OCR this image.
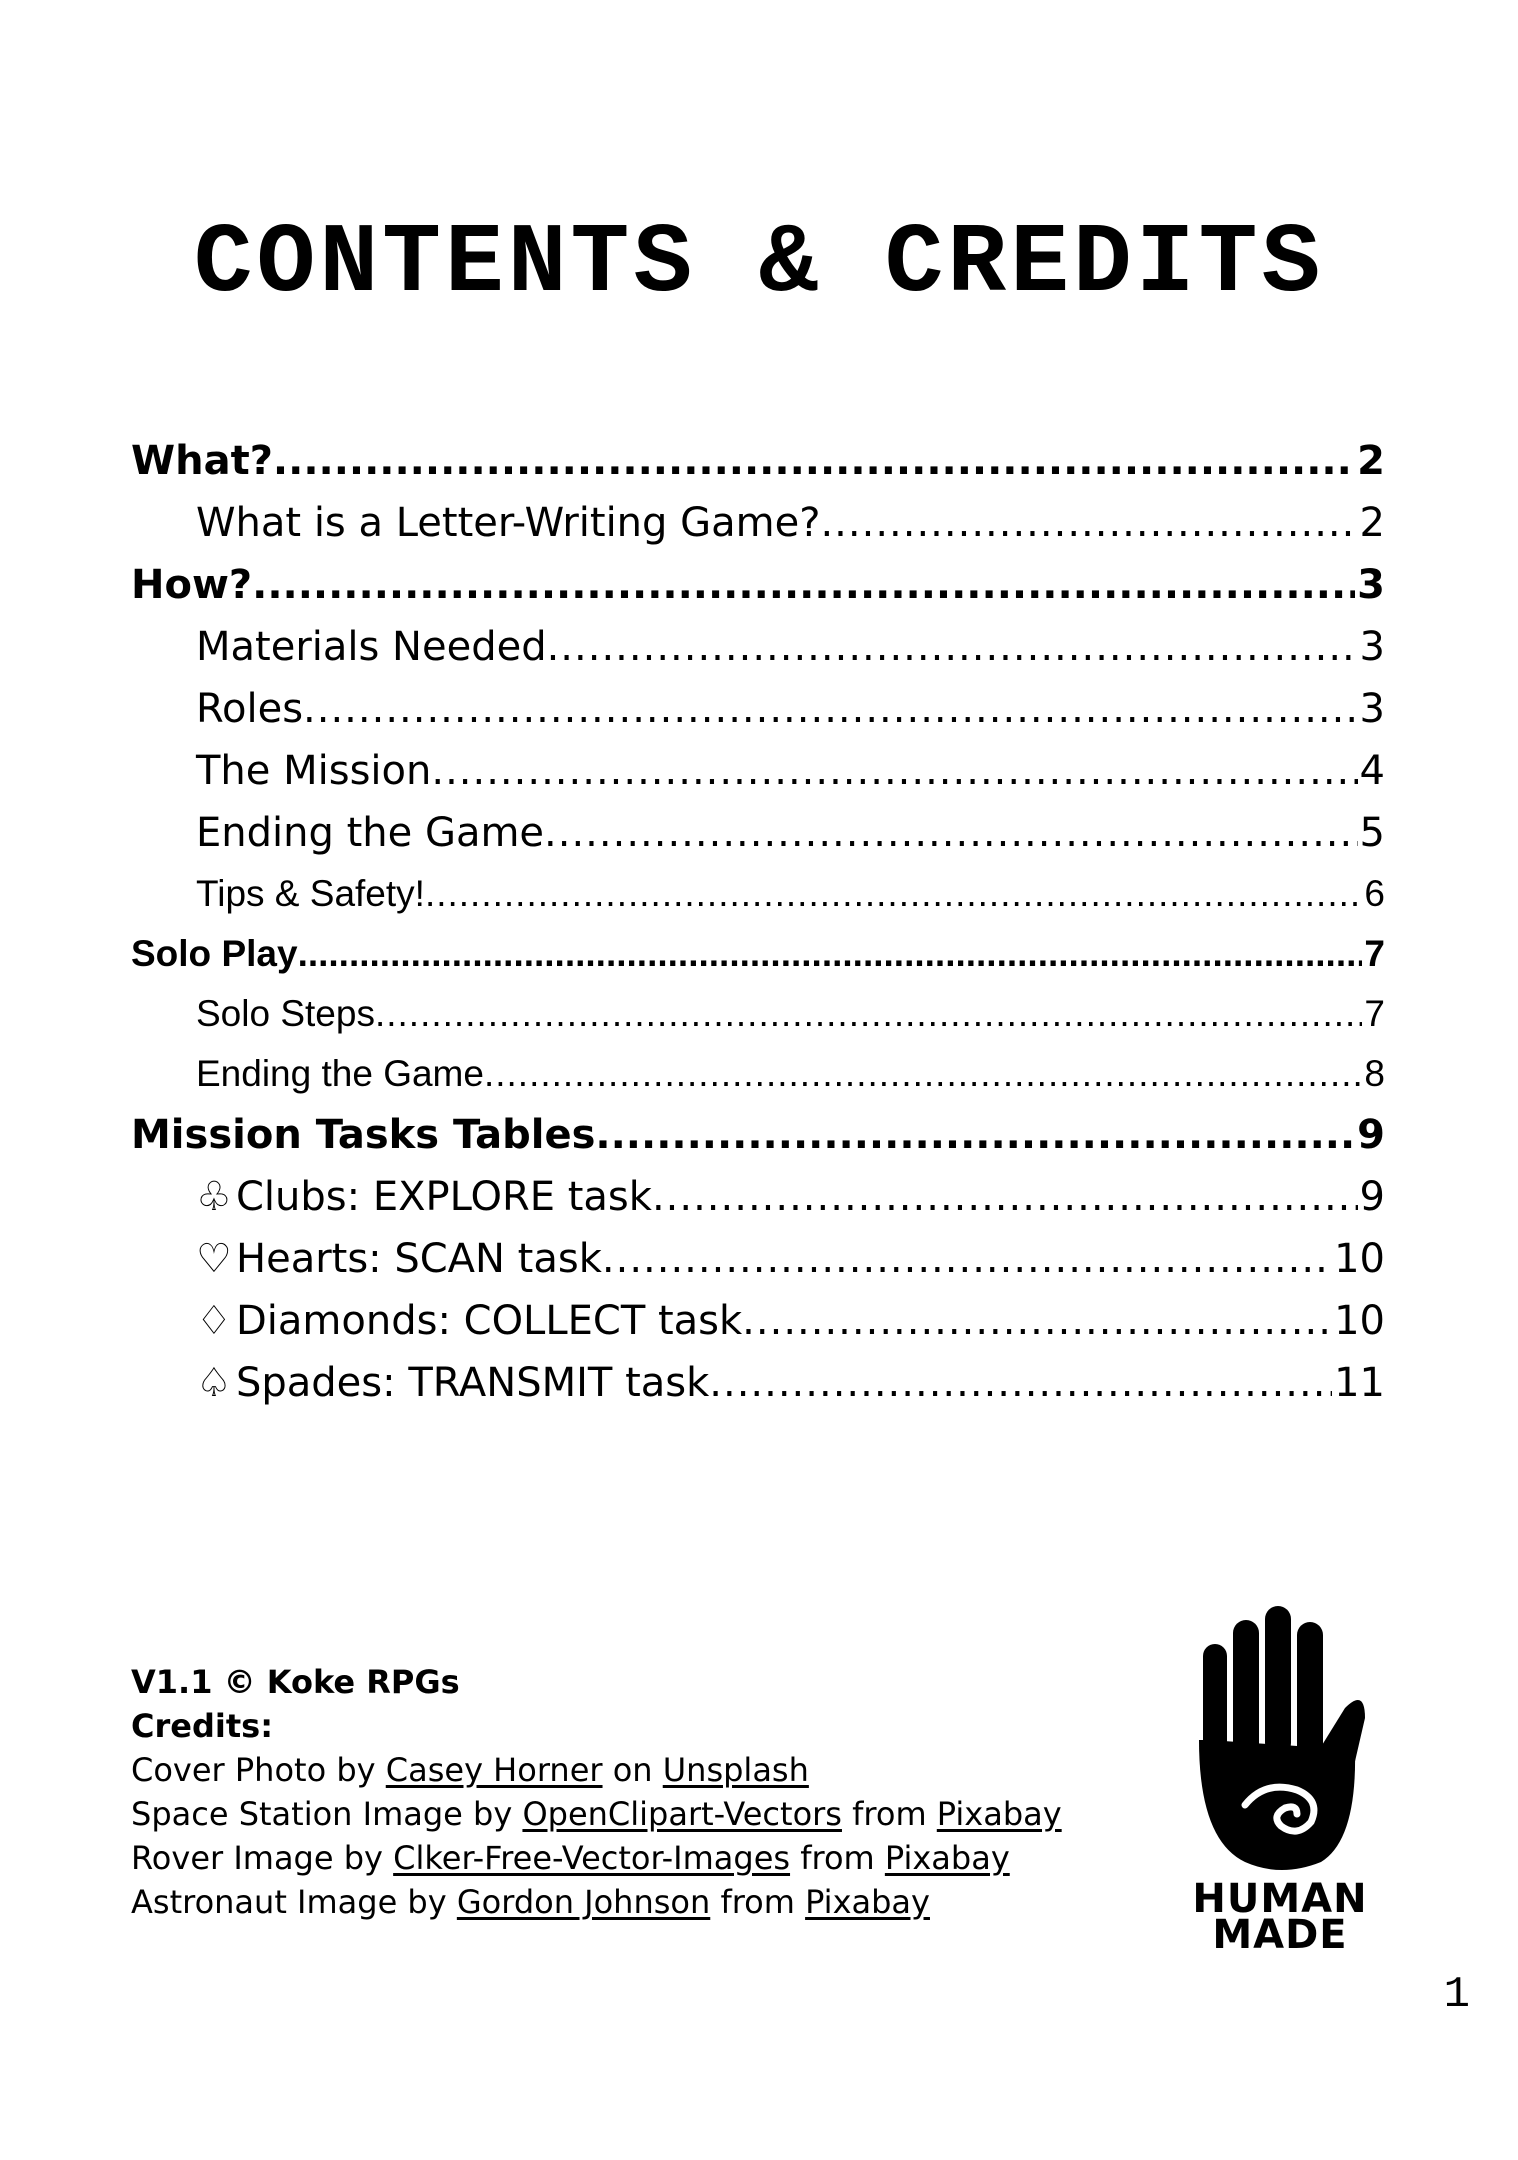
CONTENTS & CREDITS
What? .....	2
What is a Letter-Writing Game? .....	2
How? .....	3
Materials Needed .....	3
Roles .....	3
The Mission .....	4
Ending the Game .....	5
Tips & Safety! .....	6
Solo Play .....	7
Solo Steps .....	7
Ending the Game .....	8
Mission Tasks Tables .....	9
♧ Clubs: EXPLORE task .....	9
♡ Hearts: SCAN task .....	10
♢ Diamonds: COLLECT task .....	10
♤ Spades: TRANSMIT task .....	11
V1.1 © Koke RPGs
Credits:
Cover Photo by Casey Horner on Unsplash
Space Station Image by OpenClipart-Vectors from Pixabay
Rover Image by Clker-Free-Vector-Images from Pixabay
Astronaut Image by Gordon Johnson from Pixabay	HUMAN
MADE
1
